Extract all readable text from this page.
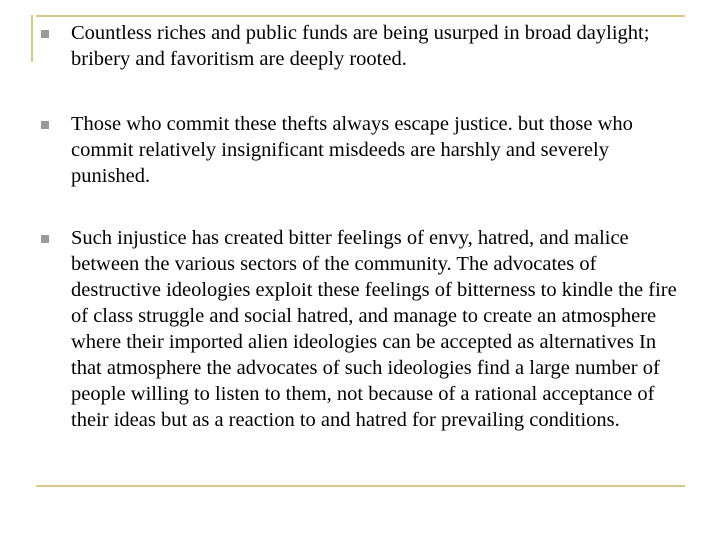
Countless riches and public funds are being usurped in broad daylight; bribery and favoritism are deeply rooted.

Those who commit these thefts always escape justice. but those who commit relatively insignificant misdeeds are harshly and severely punished.

Such injustice has created bitter feelings of envy, hatred, and malice between the various sectors of the community. The advocates of destructive ideologies exploit these feelings of bitterness to kindle the fire of class struggle and social hatred, and manage to create an atmosphere where their imported alien ideologies can be accepted as alternatives In that atmosphere the advocates of such ideologies find a large number of people willing to listen to them, not because of a rational acceptance of their ideas but as a reaction to and hatred for prevailing conditions.
